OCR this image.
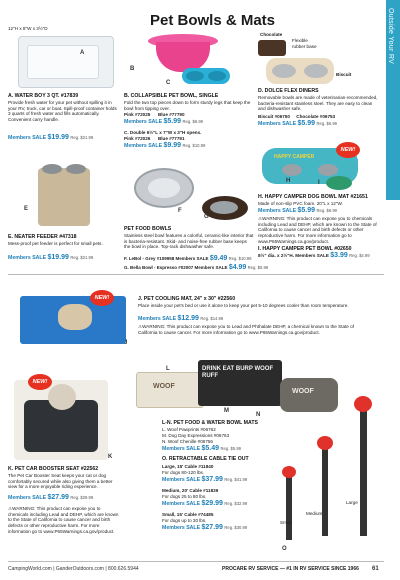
Outside Your RV
Pet Bowls & Mats
12"H x 8"W x 3½"D
A
A. WATER BOY 3 QT. #17839
Provide fresh water for your pet without spilling it in your RV, truck, car or boat. Spill-proof container holds 3 quarts of fresh water and fills automatically. Convenient carry handle.
Members SALE $19.99 Reg. $21.99
B
C
B. COLLAPSIBLE PET BOWL, SINGLE
Fold the two top pieces down to form sturdy legs that keep the bowl from tipping over.
Pink #72025      Blue #77790
Members SALE $5.99 Reg. $6.99
C. Double 6½"L x 7"W x 3"H opens.
Pink #72026      Blue #77791
Members SALE $9.99 Reg. $10.99
Chocolate
Flexible rubber base
Biscuit
D. DOLCE FLEX DINERS
Removable bowls are made of veterinarian-recommended, bacteria-resistant stainless steel. They are easy to clean and dishwasher safe.
Biscuit #06750     Chocolate #06753
Members SALE $5.99 Reg. $6.99
E
E. NEATER FEEDER #47318
Mess-proof pet feeder is perfect for small pets.
Members SALE $19.99 Reg. $21.99
F
G
PET FOOD BOWLS
Stainless steel bowl features a colorful, ceramic-like interior that is bacteria-resistant. Skid- and noise-free rubber base keeps the bowl in place. Top-rack dishwasher safe.
F. LeBol - Grey #109958 Members SALE $9.49 Reg. $10.99
G. Bella Bowl - Espresso #02007 Members SALE $4.99 Reg. $5.99
HAPPY CAMPER
NEW!
H	I
H. HAPPY CAMPER DOG BOWL MAT #21651
Made of non-slip PVC foam. 20"L x 12"W.
Members SALE $5.99 Reg. $6.99
⚠WARNING: This product can expose you to chemicals including Lead and DEHP, which are known to the State of California to cause cancer and birth defects or other reproductive harm. For more information go to www.P65Warnings.ca.gov/product.
I. HAPPY CAMPER PET BOWL #02650
8½" dia. x 2½"H. Members SALE $3.99 Reg. $4.99
NEW!
J
J. PET COOLING MAT, 24" x 30" #22560
Place inside your pet's bed or use it alone to keep your pet 5-10 degrees cooler than room temperature.
Members SALE $12.99 Reg. $14.99
⚠WARNING: This product can expose you to Lead and Phthalate DEHP, a chemical known to the State of California to cause cancer. For more information go to www.P65Warnings.ca.gov/product.
NEW!
K
K. PET CAR BOOSTER SEAT #22562
The Pet Car Booster Seat keeps your cat or dog comfortably secured while also giving them a better view for a more enjoyable riding experience.
Members SALE $27.99 Reg. $29.99
⚠WARNING: This product can expose you to chemicals including Lead and DEHP, which are known to the State of California to cause cancer and birth defects or other reproductive harm. For more information go to www.P65Warnings.ca.gov/product.
WOOF
L	DRINK EAT BURP WOOF RUFF
M
WOOF
N
L-N. PET FOOD & WATER BOWL MATS
L. Woof Pawprints #06762
M. Dog Day Expressions #06763
N. Woof Chenille #06756
Members SALE $5.49 Reg. $5.99
O. RETRACTABLE CABLE TIE OUT
Large, 15' Cable #11840
For dogs 80-120 lbs.
Members SALE $37.99 Reg. $41.99
Medium, 20' Cable #11839
For dogs 25 to 80 lbs.
Members SALE $29.99 Reg. $32.99
Small, 15' Cable #74485
For dogs up to 30 lbs.
Members SALE $27.99 Reg. $30.99
Small
Medium
Large
O
CampingWorld.com | GanderOutdoors.com | 800.626.5944	PROCARE RV SERVICE — #1 IN RV SERVICE SINCE 1966 61
